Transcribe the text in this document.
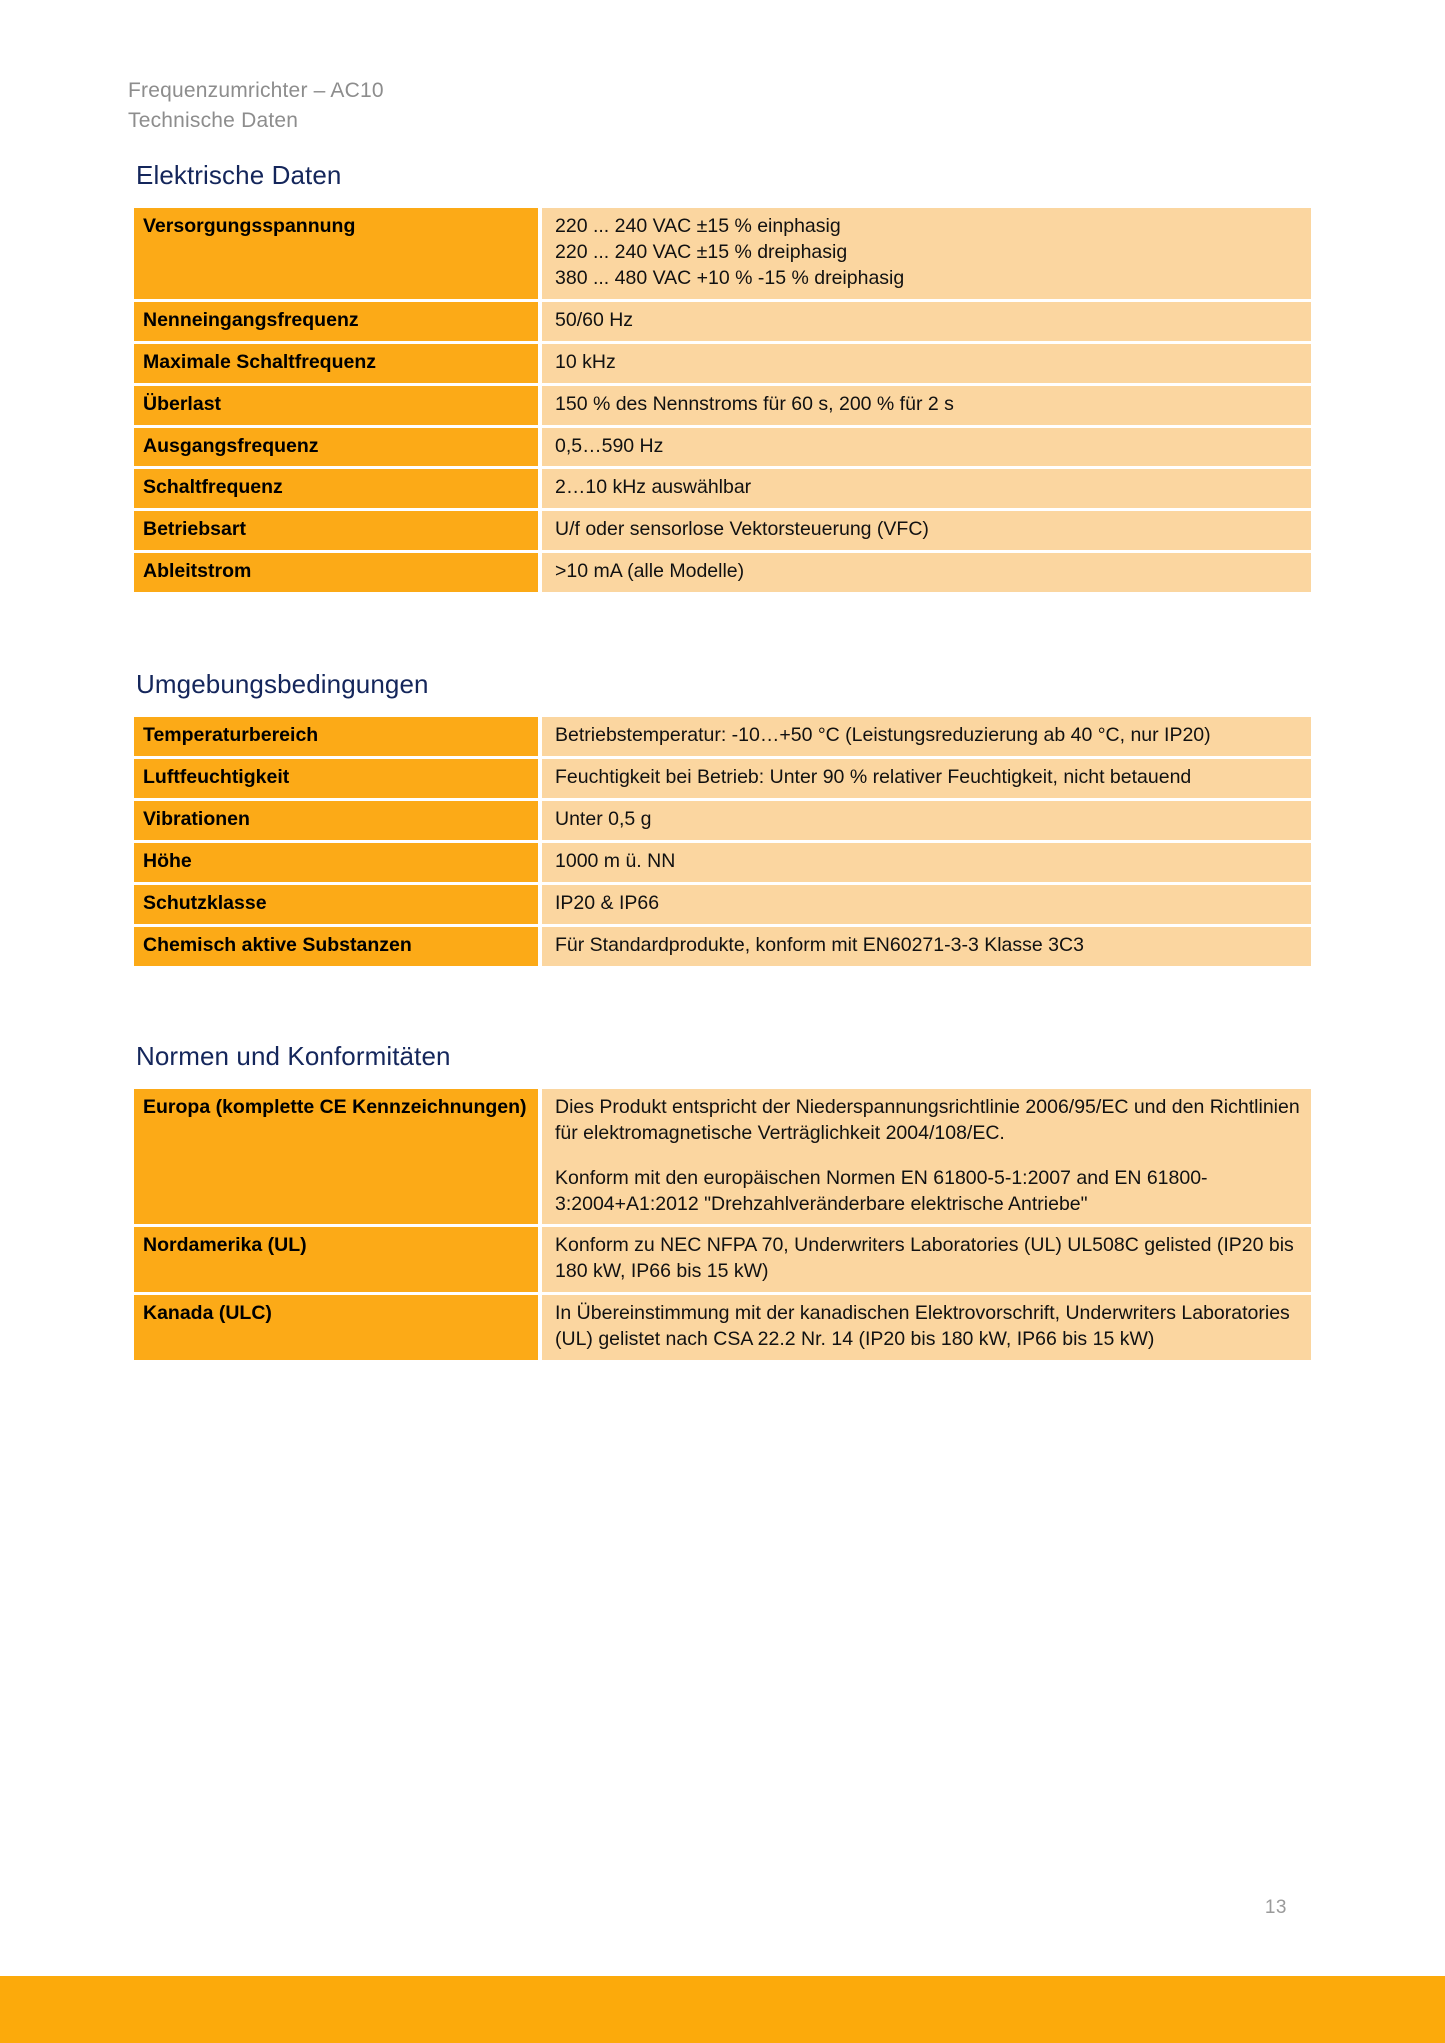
Frequenzumrichter – AC10
Technische Daten
Elektrische Daten
Versorgungsspannung	220 ... 240 VAC ±15 % einphasig

220 ... 240 VAC ±15 % dreiphasig

380 ... 480 VAC +10 % -15 % dreiphasig

Nenneingangsfrequenz	50/60 Hz

Maximale Schaltfrequenz	10 kHz

Überlast	150 % des Nennstroms für 60 s, 200 % für 2 s

Ausgangsfrequenz	0,5…590 Hz

Schaltfrequenz	2…10 kHz auswählbar

Betriebsart	U/f oder sensorlose Vektorsteuerung (VFC)

Ableitstrom	>10 mA (alle Modelle)

Umgebungsbedingungen
Temperaturbereich	Betriebstemperatur: -10…+50 °C (Leistungsreduzierung ab 40 °C, nur IP20)

Luftfeuchtigkeit	Feuchtigkeit bei Betrieb: Unter 90 % relativer Feuchtigkeit, nicht betauend

Vibrationen	Unter 0,5 g

Höhe	1000 m ü. NN

Schutzklasse	IP20 & IP66

Chemisch aktive Substanzen	Für Standardprodukte, konform mit EN60271-3-3 Klasse 3C3

Normen und Konformitäten
Europa (komplette CE Kennzeichnungen)	Dies Produkt entspricht der Niederspannungsrichtlinie 2006/95/EC und den Richtlinien für elektromagnetische Verträglichkeit 2004/108/EC.

Konform mit den europäischen Normen EN 61800-5-1:2007 and EN 61800-3:2004+A1:2012 "Drehzahlveränderbare elektrische Antriebe"

Nordamerika (UL)	Konform zu NEC NFPA 70, Underwriters Laboratories (UL) UL508C gelisted (IP20 bis 180 kW, IP66 bis 15 kW)

Kanada (ULC)	In Übereinstimmung mit der kanadischen Elektrovorschrift, Underwriters Laboratories (UL) gelistet nach CSA 22.2 Nr. 14 (IP20 bis 180 kW, IP66 bis 15 kW)

13
